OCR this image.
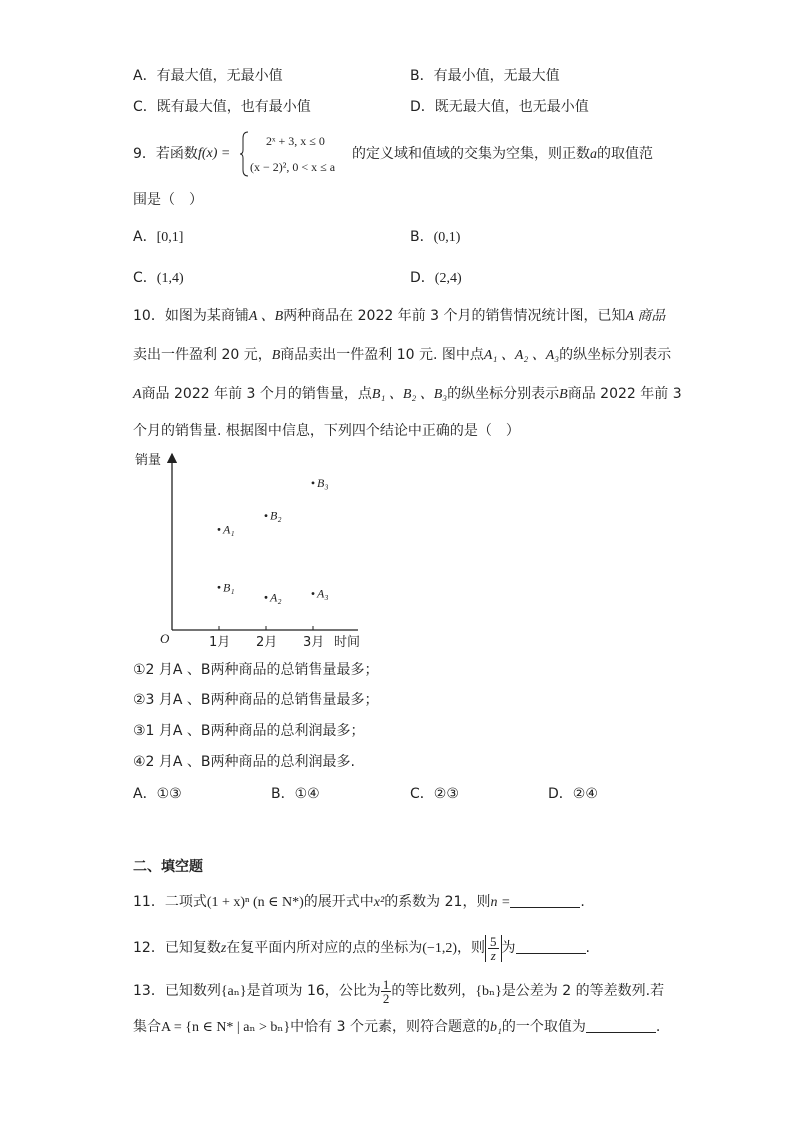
A．有最大值，无最小值	B．有最小值，无最大值
C．既有最大值，也有最小值	D．既无最大值，也无最小值
9．若函数 f(x) =
2ˣ + 3, x ≤ 0
(x − 2)², 0 < x ≤ a
的定义域和值域的交集为空集，则正数a的取值范
围是（　）
A．[0,1]	B．(0,1)
C．(1,4)	D．(2,4)
10．如图为某商铺A 、B两种商品在 2022 年前 3 个月的销售情况统计图，已知A 商品
卖出一件盈利 20 元，B商品卖出一件盈利 10 元. 图中点A₁ 、A₂ 、A₃的纵坐标分别表示
A商品 2022 年前 3 个月的销售量，点B₁ 、B₂ 、B₃的纵坐标分别表示B商品 2022 年前 3
个月的销售量. 根据图中信息，下列四个结论中正确的是（　）
销量
O	时间
1月 2月 3月
A₁
A₂	A₃
B₁
B₂
B₃
①2 月A 、B两种商品的总销售量最多；
②3 月A 、B两种商品的总销售量最多；
③1 月A 、B两种商品的总利润最多；
④2 月A 、B两种商品的总利润最多.
A．①③	B．①④	C．②③	D．②④
二、填空题
11．二项式(1 + x)ⁿ (n ∈ N*)的展开式中x²的系数为 21，则n =	.
12．已知复数z在复平面内所对应的点的坐标为(−1,2)，则 $\frac{5}{z}$ 为	.
13．已知数列{aₙ}是首项为 16，公比为 $\frac{1}{2}$ 的等比数列，{bₙ}是公差为 2 的等差数列.若
集合A = {n ∈ N* | aₙ > bₙ}中恰有 3 个元素，则符合题意的b₁的一个取值为	.
